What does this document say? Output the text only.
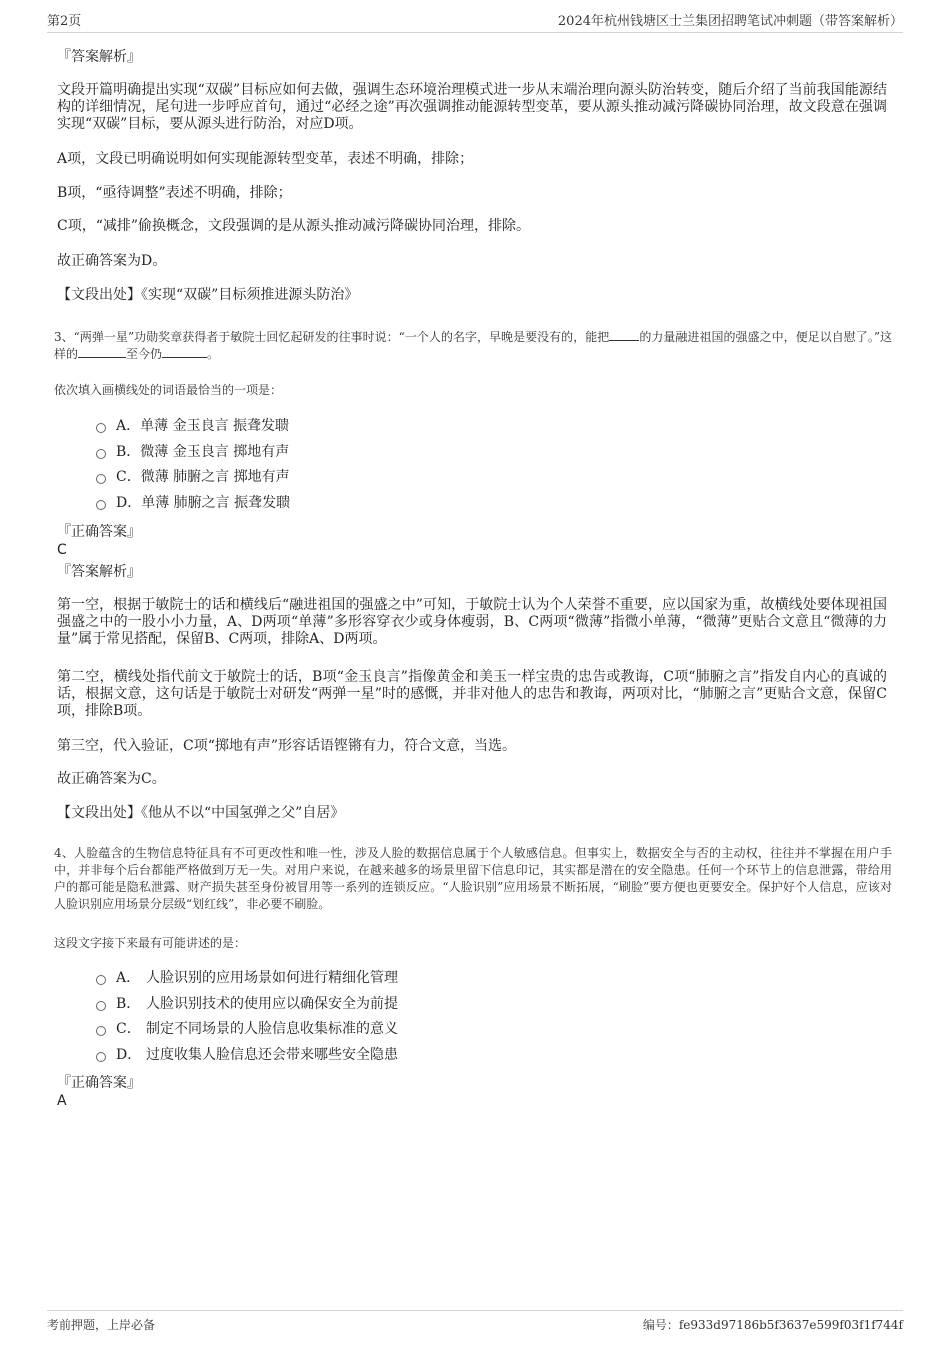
第2页	2024年杭州钱塘区士兰集团招聘笔试冲刺题（带答案解析）
『答案解析』
文段开篇明确提出实现“双碳”目标应如何去做，强调生态环境治理模式进一步从末端治理向源头防治转变，随后介绍了当前我国能源结构的详细情况，尾句进一步呼应首句，通过“必经之途”再次强调推动能源转型变革，要从源头推动减污降碳协同治理，故文段意在强调实现“双碳”目标，要从源头进行防治，对应D项。
A项，文段已明确说明如何实现能源转型变革，表述不明确，排除；
B项，“亟待调整”表述不明确，排除；
C项，“减排”偷换概念，文段强调的是从源头推动减污降碳协同治理，排除。
故正确答案为D。
【文段出处】《实现“双碳”目标须推进源头防治》
3、“两弹一星”功勋奖章获得者于敏院士回忆起研发的往事时说：“一个人的名字，早晚是要没有的，能把	的力量融进祖国的强盛之中，便足以自慰了。”这样的	至今仍	。
依次填入画横线处的词语最恰当的一项是：
A．单薄 金玉良言 振聋发聩
B．微薄 金玉良言 掷地有声
C．微薄 肺腑之言 掷地有声
D．单薄 肺腑之言 振聋发聩
『正确答案』
C
『答案解析』
第一空，根据于敏院士的话和横线后“融进祖国的强盛之中”可知，于敏院士认为个人荣誉不重要，应以国家为重，故横线处要体现祖国强盛之中的一股小小力量，A、D两项“单薄”多形容穿衣少或身体瘦弱，B、C两项“微薄”指微小单薄，“微薄”更贴合文意且“微薄的力量”属于常见搭配，保留B、C两项，排除A、D两项。
第二空，横线处指代前文于敏院士的话，B项“金玉良言”指像黄金和美玉一样宝贵的忠告或教诲，C项“肺腑之言”指发自内心的真诚的话，根据文意，这句话是于敏院士对研发“两弹一星”时的感慨，并非对他人的忠告和教诲，两项对比，“肺腑之言”更贴合文意，保留C项，排除B项。
第三空，代入验证，C项“掷地有声”形容话语铿锵有力，符合文意，当选。
故正确答案为C。
【文段出处】《他从不以“中国氢弹之父”自居》
4、人脸蕴含的生物信息特征具有不可更改性和唯一性，涉及人脸的数据信息属于个人敏感信息。但事实上，数据安全与否的主动权，往往并不掌握在用户手中，并非每个后台都能严格做到万无一失。对用户来说，在越来越多的场景里留下信息印记，其实都是潜在的安全隐患。任何一个环节上的信息泄露，带给用户的都可能是隐私泄露、财产损失甚至身份被冒用等一系列的连锁反应。“人脸识别”应用场景不断拓展，“刷脸”要方便也更要安全。保护好个人信息，应该对人脸识别应用场景分层级“划红线”，非必要不刷脸。
这段文字接下来最有可能讲述的是：
A． 人脸识别的应用场景如何进行精细化管理
B． 人脸识别技术的使用应以确保安全为前提
C． 制定不同场景的人脸信息收集标准的意义
D． 过度收集人脸信息还会带来哪些安全隐患
『正确答案』
A
考前押题，上岸必备	编号：fe933d97186b5f3637e599f03f1f744f
